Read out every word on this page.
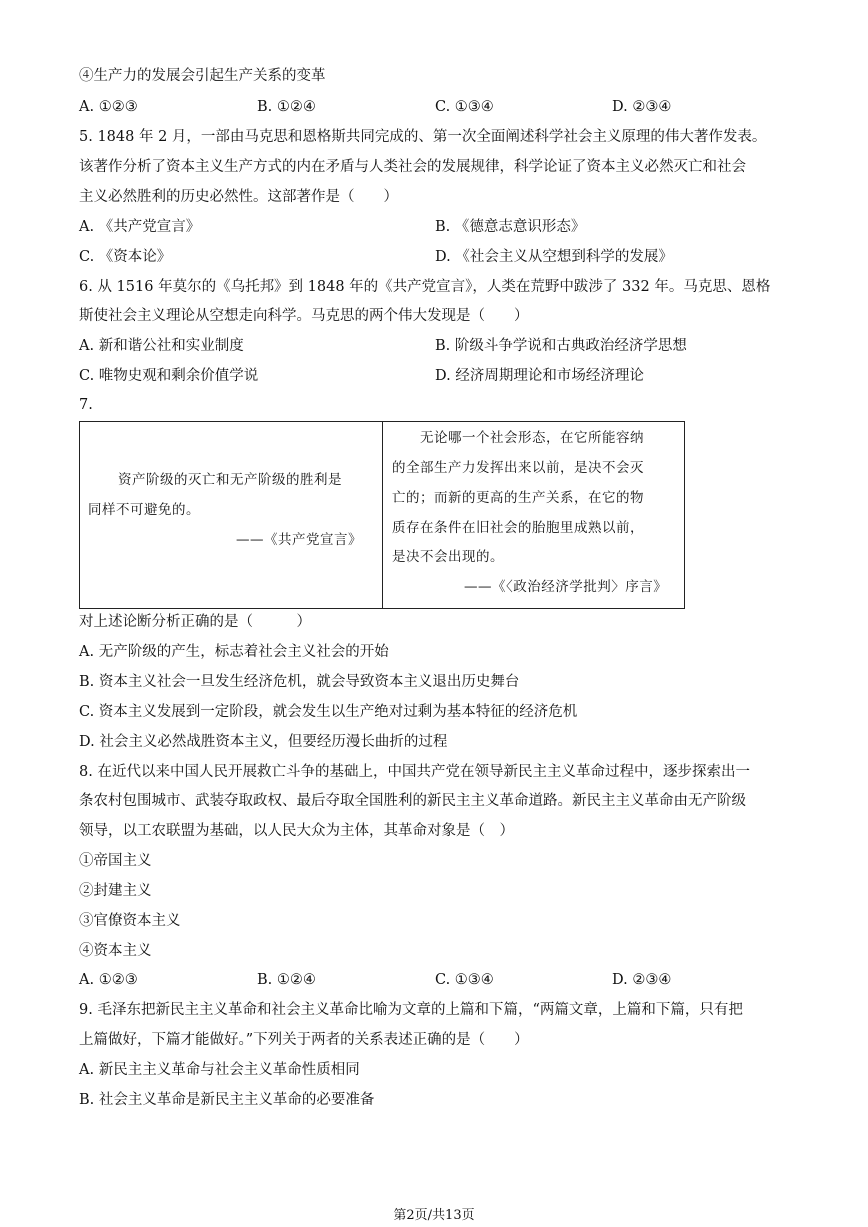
④生产力的发展会引起生产关系的变革
A. ①②③	B. ①②④	C. ①③④	D. ②③④
5. 1848 年 2 月，一部由马克思和恩格斯共同完成的、第一次全面阐述科学社会主义原理的伟大著作发表。
该著作分析了资本主义生产方式的内在矛盾与人类社会的发展规律，科学论证了资本主义必然灭亡和社会
主义必然胜利的历史必然性。这部著作是（　　）
A. 《共产党宣言》	B. 《德意志意识形态》
C. 《资本论》	D. 《社会主义从空想到科学的发展》
6. 从 1516 年莫尔的《乌托邦》到 1848 年的《共产党宣言》，人类在荒野中跋涉了 332 年。马克思、恩格
斯使社会主义理论从空想走向科学。马克思的两个伟大发现是（　　）
A. 新和谐公社和实业制度	B. 阶级斗争学说和古典政治经济学思想
C. 唯物史观和剩余价值学说	D. 经济周期理论和市场经济理论
7.
资产阶级的灭亡和无产阶级的胜利是
同样不可避免的。
——《共产党宣言》
无论哪一个社会形态，在它所能容纳
的全部生产力发挥出来以前，是决不会灭
亡的；而新的更高的生产关系，在它的物
质存在条件在旧社会的胎胞里成熟以前，
是决不会出现的。
——《〈政治经济学批判〉序言》
对上述论断分析正确的是（　　　）
A. 无产阶级的产生，标志着社会主义社会的开始
B. 资本主义社会一旦发生经济危机，就会导致资本主义退出历史舞台
C. 资本主义发展到一定阶段，就会发生以生产绝对过剩为基本特征的经济危机
D. 社会主义必然战胜资本主义，但要经历漫长曲折的过程
8. 在近代以来中国人民开展救亡斗争的基础上，中国共产党在领导新民主主义革命过程中，逐步探索出一
条农村包围城市、武装夺取政权、最后夺取全国胜利的新民主主义革命道路。新民主主义革命由无产阶级
领导，以工农联盟为基础，以人民大众为主体，其革命对象是（　）
①帝国主义
②封建主义
③官僚资本主义
④资本主义
A. ①②③	B. ①②④	C. ①③④	D. ②③④
9. 毛泽东把新民主主义革命和社会主义革命比喻为文章的上篇和下篇，“两篇文章，上篇和下篇，只有把
上篇做好，下篇才能做好。”下列关于两者的关系表述正确的是（　　）
A. 新民主主义革命与社会主义革命性质相同
B. 社会主义革命是新民主主义革命的必要准备
第2页/共13页
